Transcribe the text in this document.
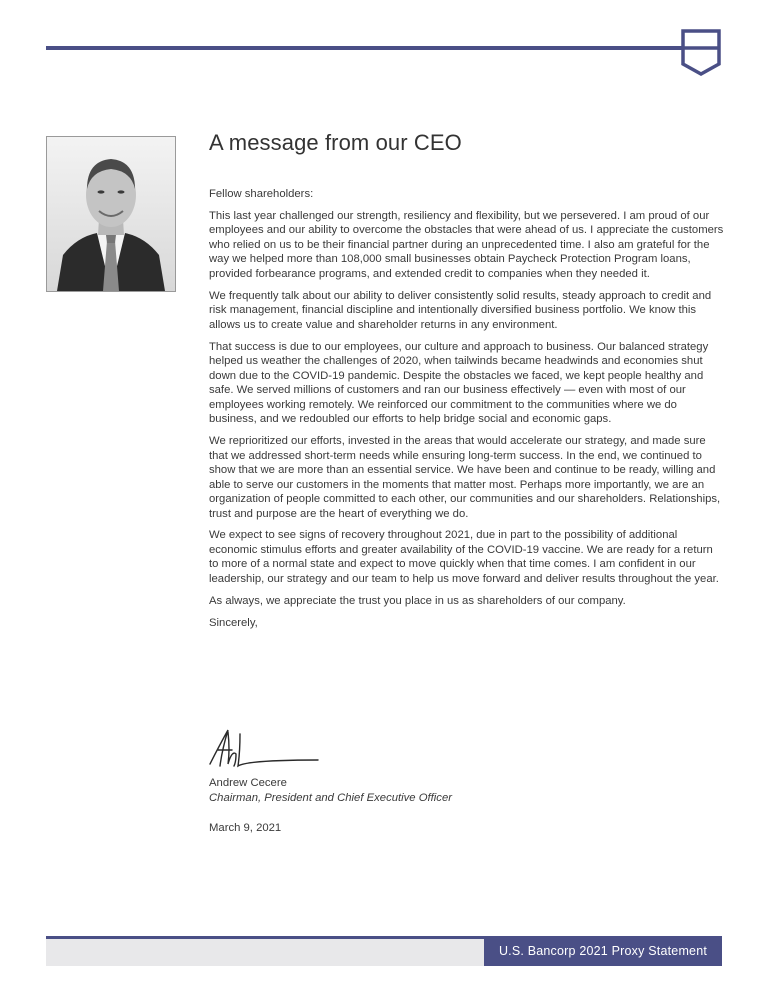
A message from our CEO

Fellow shareholders:

This last year challenged our strength, resiliency and flexibility, but we persevered. I am proud of our employees and our ability to overcome the obstacles that were ahead of us. I appreciate the customers who relied on us to be their financial partner during an unprecedented time. I also am grateful for the way we helped more than 108,000 small businesses obtain Paycheck Protection Program loans, provided forbearance programs, and extended credit to companies when they needed it.

We frequently talk about our ability to deliver consistently solid results, steady approach to credit and risk management, financial discipline and intentionally diversified business portfolio. We know this allows us to create value and shareholder returns in any environment.

That success is due to our employees, our culture and approach to business. Our balanced strategy helped us weather the challenges of 2020, when tailwinds became headwinds and economies shut down due to the COVID-19 pandemic. Despite the obstacles we faced, we kept people healthy and safe. We served millions of customers and ran our business effectively — even with most of our employees working remotely. We reinforced our commitment to the communities where we do business, and we redoubled our efforts to help bridge social and economic gaps.

We reprioritized our efforts, invested in the areas that would accelerate our strategy, and made sure that we addressed short-term needs while ensuring long-term success. In the end, we continued to show that we are more than an essential service. We have been and continue to be ready, willing and able to serve our customers in the moments that matter most. Perhaps more importantly, we are an organization of people committed to each other, our communities and our shareholders. Relationships, trust and purpose are the heart of everything we do.

We expect to see signs of recovery throughout 2021, due in part to the possibility of additional economic stimulus efforts and greater availability of the COVID-19 vaccine. We are ready for a return to more of a normal state and expect to move quickly when that time comes. I am confident in our leadership, our strategy and our team to help us move forward and deliver results throughout the year.

As always, we appreciate the trust you place in us as shareholders of our company.

Sincerely,

Andrew Cecere
Chairman, President and Chief Executive Officer
March 9, 2021
U.S. Bancorp 2021 Proxy Statement
